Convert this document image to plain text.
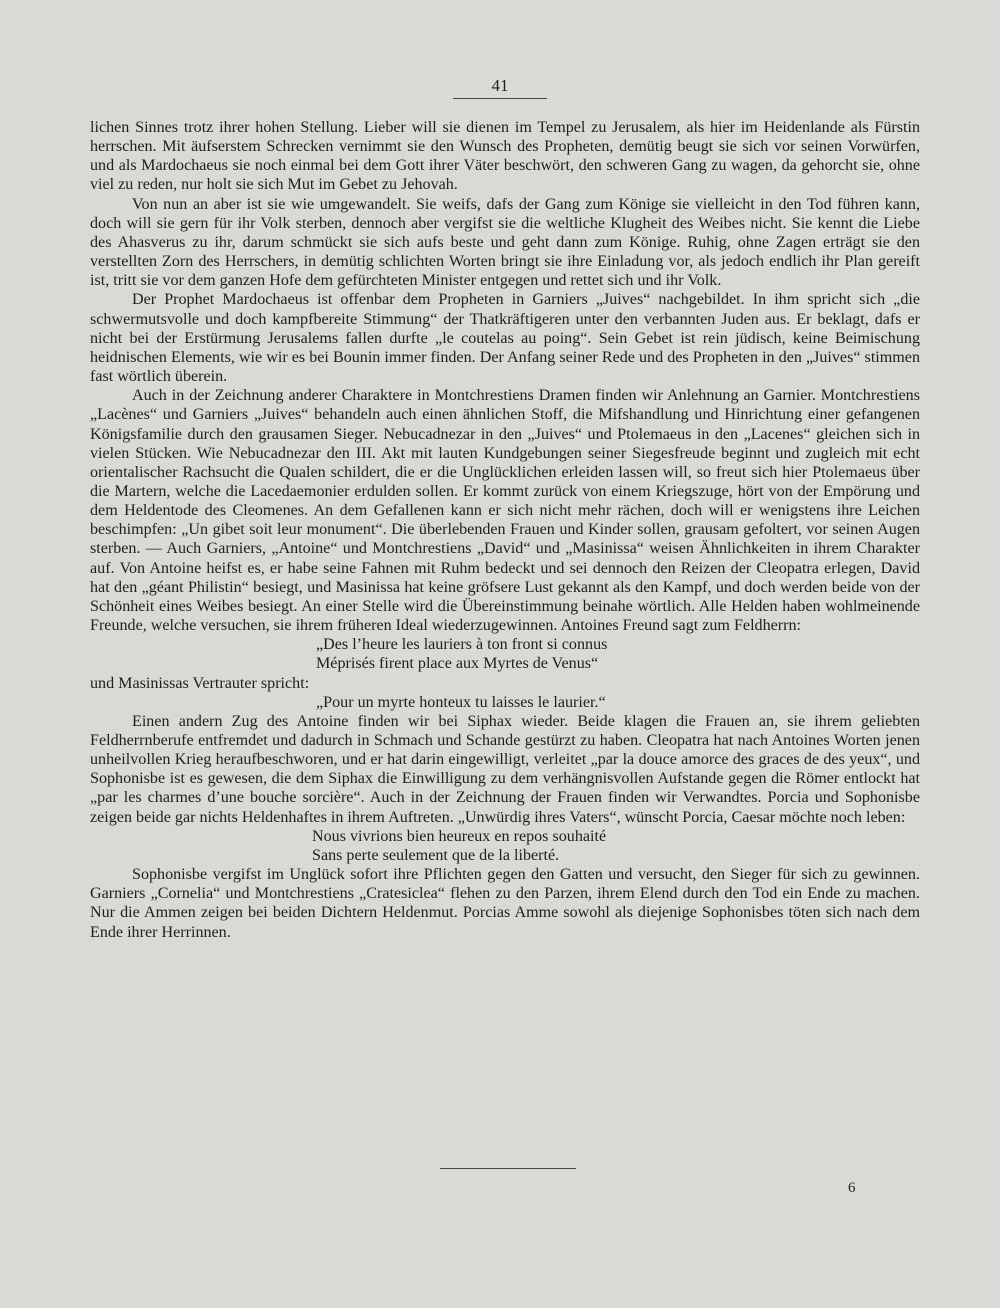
41

lichen Sinnes trotz ihrer hohen Stellung. Lieber will sie dienen im Tempel zu Jerusalem, als hier im Heidenlande als Fürstin herrschen. Mit äufserstem Schrecken vernimmt sie den Wunsch des Propheten, demütig beugt sie sich vor seinen Vorwürfen, und als Mardochaeus sie noch einmal bei dem Gott ihrer Väter beschwört, den schweren Gang zu wagen, da gehorcht sie, ohne viel zu reden, nur holt sie sich Mut im Gebet zu Jehovah.

Von nun an aber ist sie wie umgewandelt. Sie weifs, dafs der Gang zum Könige sie vielleicht in den Tod führen kann, doch will sie gern für ihr Volk sterben, dennoch aber vergifst sie die weltliche Klugheit des Weibes nicht. Sie kennt die Liebe des Ahasverus zu ihr, darum schmückt sie sich aufs beste und geht dann zum Könige. Ruhig, ohne Zagen erträgt sie den verstellten Zorn des Herrschers, in demütig schlichten Worten bringt sie ihre Einladung vor, als jedoch endlich ihr Plan gereift ist, tritt sie vor dem ganzen Hofe dem gefürchteten Minister entgegen und rettet sich und ihr Volk.

Der Prophet Mardochaeus ist offenbar dem Propheten in Garniers „Juives“ nachgebildet. In ihm spricht sich „die schwermutsvolle und doch kampfbereite Stimmung“ der Thatkräftigeren unter den verbannten Juden aus. Er beklagt, dafs er nicht bei der Erstürmung Jerusalems fallen durfte „le coutelas au poing“. Sein Gebet ist rein jüdisch, keine Beimischung heidnischen Elements, wie wir es bei Bounin immer finden. Der Anfang seiner Rede und des Propheten in den „Juives“ stimmen fast wörtlich überein.

Auch in der Zeichnung anderer Charaktere in Montchrestiens Dramen finden wir Anlehnung an Garnier. Montchrestiens „Lacènes“ und Garniers „Juives“ behandeln auch einen ähnlichen Stoff, die Mifshandlung und Hinrichtung einer gefangenen Königsfamilie durch den grausamen Sieger. Nebucadnezar in den „Juives“ und Ptolemaeus in den „Lacenes“ gleichen sich in vielen Stücken. Wie Nebucadnezar den III. Akt mit lauten Kundgebungen seiner Siegesfreude beginnt und zugleich mit echt orientalischer Rachsucht die Qualen schildert, die er die Unglücklichen erleiden lassen will, so freut sich hier Ptolemaeus über die Martern, welche die Lacedaemonier erdulden sollen. Er kommt zurück von einem Kriegszuge, hört von der Empörung und dem Heldentode des Cleomenes. An dem Gefallenen kann er sich nicht mehr rächen, doch will er wenigstens ihre Leichen beschimpfen: „Un gibet soit leur monument“. Die überlebenden Frauen und Kinder sollen, grausam gefoltert, vor seinen Augen sterben. — Auch Garniers, „Antoine“ und Montchrestiens „David“ und „Masinissa“ weisen Ähnlichkeiten in ihrem Charakter auf. Von Antoine heifst es, er habe seine Fahnen mit Ruhm bedeckt und sei dennoch den Reizen der Cleopatra erlegen, David hat den „géant Philistin“ besiegt, und Masinissa hat keine gröfsere Lust gekannt als den Kampf, und doch werden beide von der Schönheit eines Weibes besiegt. An einer Stelle wird die Übereinstimmung beinahe wörtlich. Alle Helden haben wohlmeinende Freunde, welche versuchen, sie ihrem früheren Ideal wiederzugewinnen. Antoines Freund sagt zum Feldherrn:

„Des l’heure les lauriers à ton front si connus

Méprisés firent place aux Myrtes de Venus“

und Masinissas Vertrauter spricht:

„Pour un myrte honteux tu laisses le laurier.“

Einen andern Zug des Antoine finden wir bei Siphax wieder. Beide klagen die Frauen an, sie ihrem geliebten Feldherrnberufe entfremdet und dadurch in Schmach und Schande gestürzt zu haben. Cleopatra hat nach Antoines Worten jenen unheilvollen Krieg heraufbeschworen, und er hat darin eingewilligt, verleitet „par la douce amorce des graces de des yeux“, und Sophonisbe ist es gewesen, die dem Siphax die Einwilligung zu dem verhängnisvollen Aufstande gegen die Römer entlockt hat „par les charmes d’une bouche sorcière“. Auch in der Zeichnung der Frauen finden wir Verwandtes. Porcia und Sophonisbe zeigen beide gar nichts Heldenhaftes in ihrem Auftreten. „Unwürdig ihres Vaters“, wünscht Porcia, Caesar möchte noch leben:

Nous vivrions bien heureux en repos souhaité

Sans perte seulement que de la liberté.

Sophonisbe vergifst im Unglück sofort ihre Pflichten gegen den Gatten und versucht, den Sieger für sich zu gewinnen. Garniers „Cornelia“ und Montchrestiens „Cratesiclea“ flehen zu den Parzen, ihrem Elend durch den Tod ein Ende zu machen. Nur die Ammen zeigen bei beiden Dichtern Heldenmut. Porcias Amme sowohl als diejenige Sophonisbes töten sich nach dem Ende ihrer Herrinnen.

6
